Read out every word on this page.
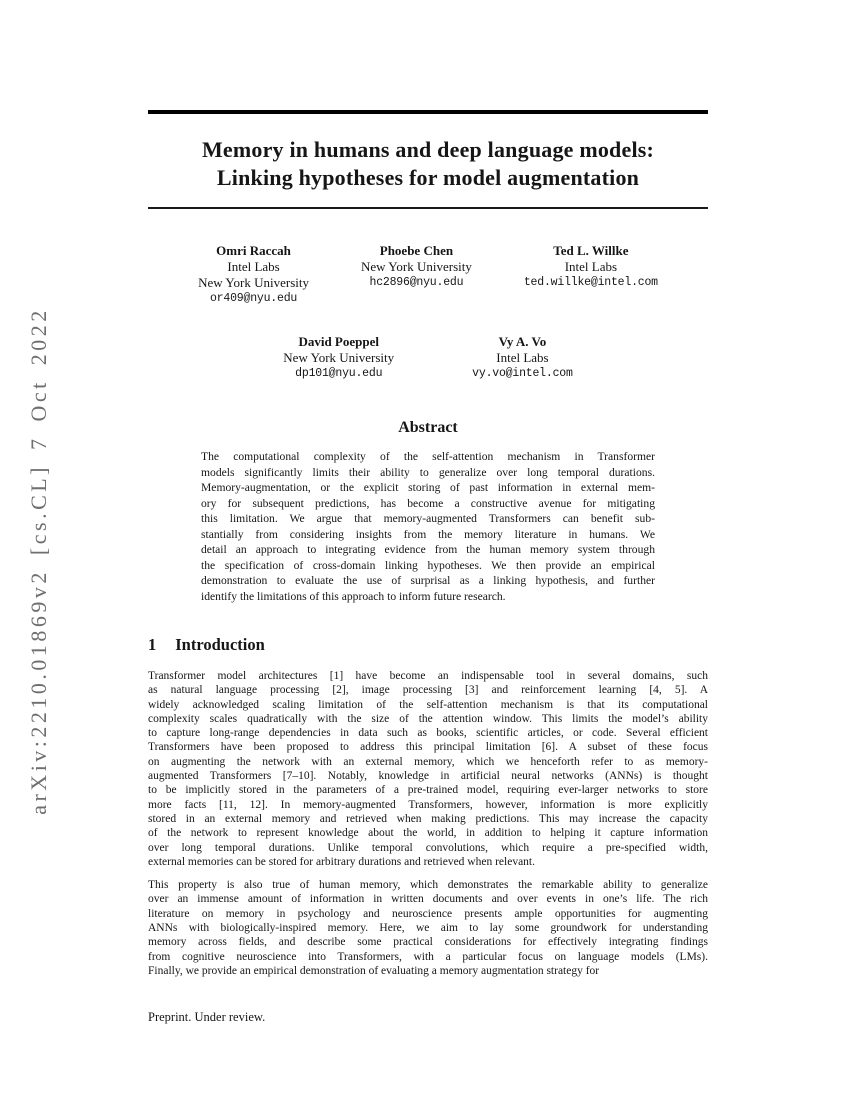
arXiv:2210.01869v2 [cs.CL] 7 Oct 2022
Memory in humans and deep language models:
Linking hypotheses for model augmentation
Omri Raccah
Intel Labs
New York University
or409@nyu.edu
Phoebe Chen
New York University
hc2896@nyu.edu
Ted L. Willke
Intel Labs
ted.willke@intel.com
David Poeppel
New York University
dp101@nyu.edu
Vy A. Vo
Intel Labs
vy.vo@intel.com
Abstract
The computational complexity of the self-attention mechanism in Transformer
models significantly limits their ability to generalize over long temporal durations.
Memory-augmentation, or the explicit storing of past information in external mem-
ory for subsequent predictions, has become a constructive avenue for mitigating
this limitation. We argue that memory-augmented Transformers can benefit sub-
stantially from considering insights from the memory literature in humans. We
detail an approach to integrating evidence from the human memory system through
the specification of cross-domain linking hypotheses. We then provide an empirical
demonstration to evaluate the use of surprisal as a linking hypothesis, and further
identify the limitations of this approach to inform future research.
1 Introduction
Transformer model architectures [1] have become an indispensable tool in several domains, such
as natural language processing [2], image processing [3] and reinforcement learning [4, 5]. A
widely acknowledged scaling limitation of the self-attention mechanism is that its computational
complexity scales quadratically with the size of the attention window. This limits the model’s ability
to capture long-range dependencies in data such as books, scientific articles, or code. Several efficient
Transformers have been proposed to address this principal limitation [6]. A subset of these focus
on augmenting the network with an external memory, which we henceforth refer to as memory-
augmented Transformers [7–10]. Notably, knowledge in artificial neural networks (ANNs) is thought
to be implicitly stored in the parameters of a pre-trained model, requiring ever-larger networks to store
more facts [11, 12]. In memory-augmented Transformers, however, information is more explicitly
stored in an external memory and retrieved when making predictions. This may increase the capacity
of the network to represent knowledge about the world, in addition to helping it capture information
over long temporal durations. Unlike temporal convolutions, which require a pre-specified width,
external memories can be stored for arbitrary durations and retrieved when relevant.
This property is also true of human memory, which demonstrates the remarkable ability to generalize
over an immense amount of information in written documents and over events in one’s life. The rich
literature on memory in psychology and neuroscience presents ample opportunities for augmenting
ANNs with biologically-inspired memory. Here, we aim to lay some groundwork for understanding
memory across fields, and describe some practical considerations for effectively integrating findings
from cognitive neuroscience into Transformers, with a particular focus on language models (LMs).
Finally, we provide an empirical demonstration of evaluating a memory augmentation strategy for
Preprint. Under review.
